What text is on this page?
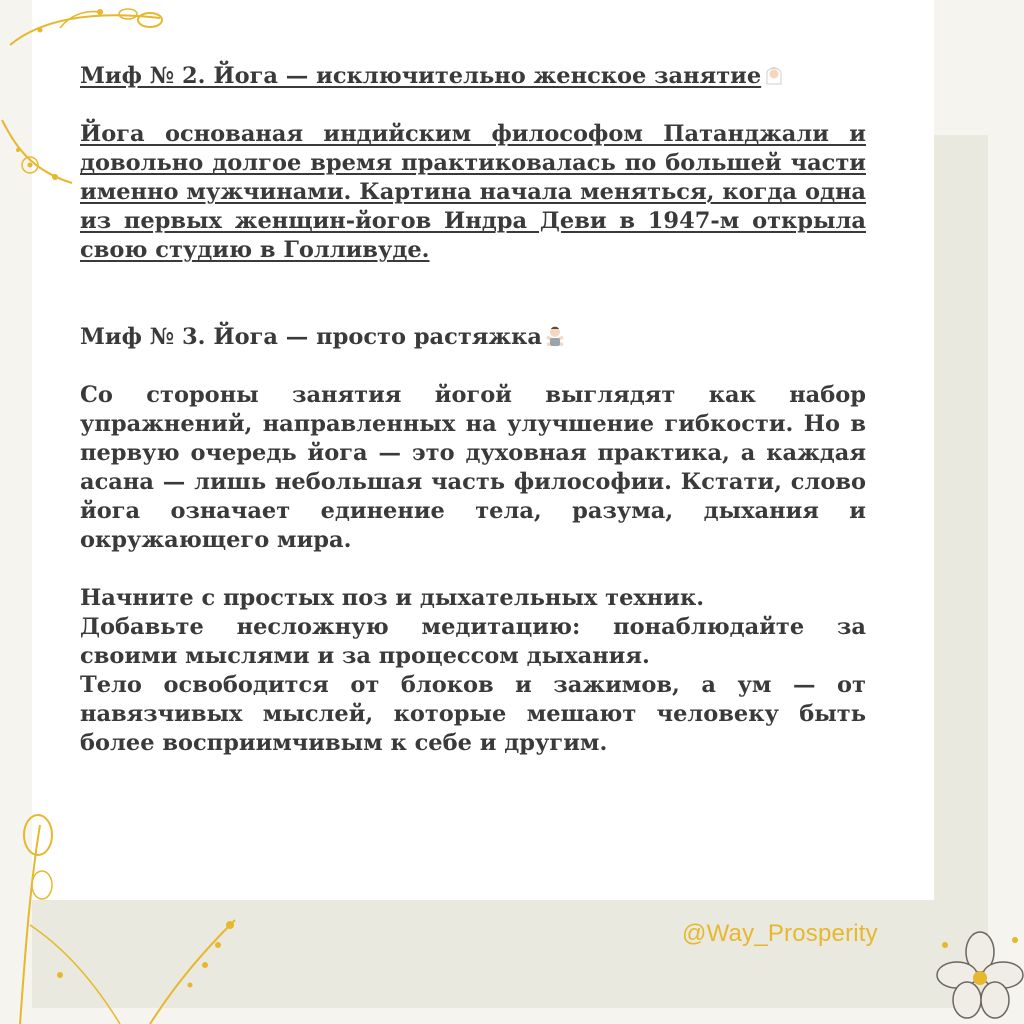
Миф № 2. Йога — исключительно женское занятие

Йога основаная индийским философом Патанджали и довольно долгое время практиковалась по большей части именно мужчинами. Картина начала меняться, когда одна из первых женщин-йогов Индра Деви в 1947-м открыла свою студию в Голливуде.

Миф № 3. Йога — просто растяжка

Со стороны занятия йогой выглядят как набор упражнений, направленных на улучшение гибкости. Но в первую очередь йога — это духовная практика, а каждая асана — лишь небольшая часть философии. Кстати, слово йога означает единение тела, разума, дыхания и окружающего мира.

Начните с простых поз и дыхательных техник.

Добавьте несложную медитацию: понаблюдайте за своими мыслями и за процессом дыхания.

Тело освободится от блоков и зажимов, а ум — от навязчивых мыслей, которые мешают человеку быть более восприимчивым к себе и другим.

@Way_Prosperity
